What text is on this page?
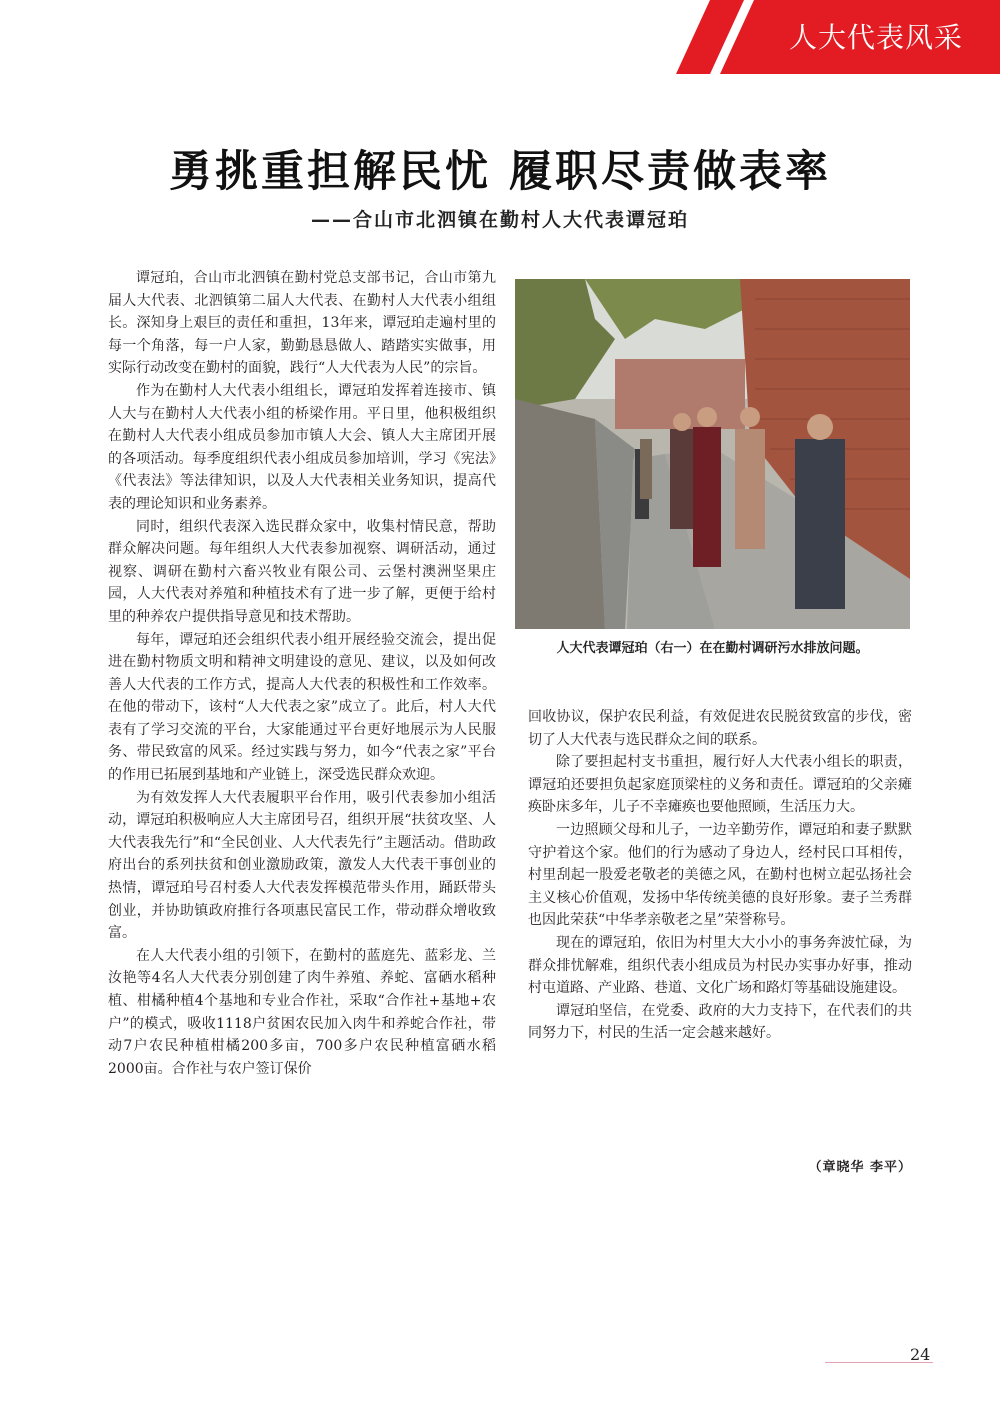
人大代表风采
勇挑重担解民忧 履职尽责做表率
——合山市北泗镇在勤村人大代表谭冠珀

谭冠珀，合山市北泗镇在勤村党总支部书记，合山市第九届人大代表、北泗镇第二届人大代表、在勤村人大代表小组组长。深知身上艰巨的责任和重担，13年来，谭冠珀走遍村里的每一个角落，每一户人家，勤勤恳恳做人、踏踏实实做事，用实际行动改变在勤村的面貌，践行“人大代表为人民”的宗旨。

作为在勤村人大代表小组组长，谭冠珀发挥着连接市、镇人大与在勤村人大代表小组的桥梁作用。平日里，他积极组织在勤村人大代表小组成员参加市镇人大会、镇人大主席团开展的各项活动。每季度组织代表小组成员参加培训，学习《宪法》《代表法》等法律知识，以及人大代表相关业务知识，提高代表的理论知识和业务素养。

同时，组织代表深入选民群众家中，收集村情民意，帮助群众解决问题。每年组织人大代表参加视察、调研活动，通过视察、调研在勤村六畜兴牧业有限公司、云堡村澳洲坚果庄园，人大代表对养殖和种植技术有了进一步了解，更便于给村里的种养农户提供指导意见和技术帮助。

每年，谭冠珀还会组织代表小组开展经验交流会，提出促进在勤村物质文明和精神文明建设的意见、建议，以及如何改善人大代表的工作方式，提高人大代表的积极性和工作效率。在他的带动下，该村“人大代表之家”成立了。此后，村人大代表有了学习交流的平台，大家能通过平台更好地展示为人民服务、带民致富的风采。经过实践与努力，如今“代表之家”平台的作用已拓展到基地和产业链上，深受选民群众欢迎。

为有效发挥人大代表履职平台作用，吸引代表参加小组活动，谭冠珀积极响应人大主席团号召，组织开展“扶贫攻坚、人大代表我先行”和“全民创业、人大代表先行”主题活动。借助政府出台的系列扶贫和创业激励政策，激发人大代表干事创业的热情，谭冠珀号召村委人大代表发挥模范带头作用，踊跃带头创业，并协助镇政府推行各项惠民富民工作，带动群众增收致富。

在人大代表小组的引领下，在勤村的蓝庭先、蓝彩龙、兰汝艳等4名人大代表分别创建了肉牛养殖、养蛇、富硒水稻种植、柑橘种植4个基地和专业合作社，采取“合作社+基地+农户”的模式，吸收1118户贫困农民加入肉牛和养蛇合作社，带动7户农民种植柑橘200多亩，700多户农民种植富硒水稻2000亩。合作社与农户签订保价

人大代表谭冠珀（右一）在在勤村调研污水排放问题。

回收协议，保护农民利益，有效促进农民脱贫致富的步伐，密切了人大代表与选民群众之间的联系。

除了要担起村支书重担，履行好人大代表小组长的职责，谭冠珀还要担负起家庭顶梁柱的义务和责任。谭冠珀的父亲瘫痪卧床多年，儿子不幸瘫痪也要他照顾，生活压力大。

一边照顾父母和儿子，一边辛勤劳作，谭冠珀和妻子默默守护着这个家。他们的行为感动了身边人，经村民口耳相传，村里刮起一股爱老敬老的美德之风，在勤村也树立起弘扬社会主义核心价值观，发扬中华传统美德的良好形象。妻子兰秀群也因此荣获“中华孝亲敬老之星”荣誉称号。

现在的谭冠珀，依旧为村里大大小小的事务奔波忙碌，为群众排忧解难，组织代表小组成员为村民办实事办好事，推动村屯道路、产业路、巷道、文化广场和路灯等基础设施建设。

谭冠珀坚信，在党委、政府的大力支持下，在代表们的共同努力下，村民的生活一定会越来越好。

（章晓华 李平）
24
